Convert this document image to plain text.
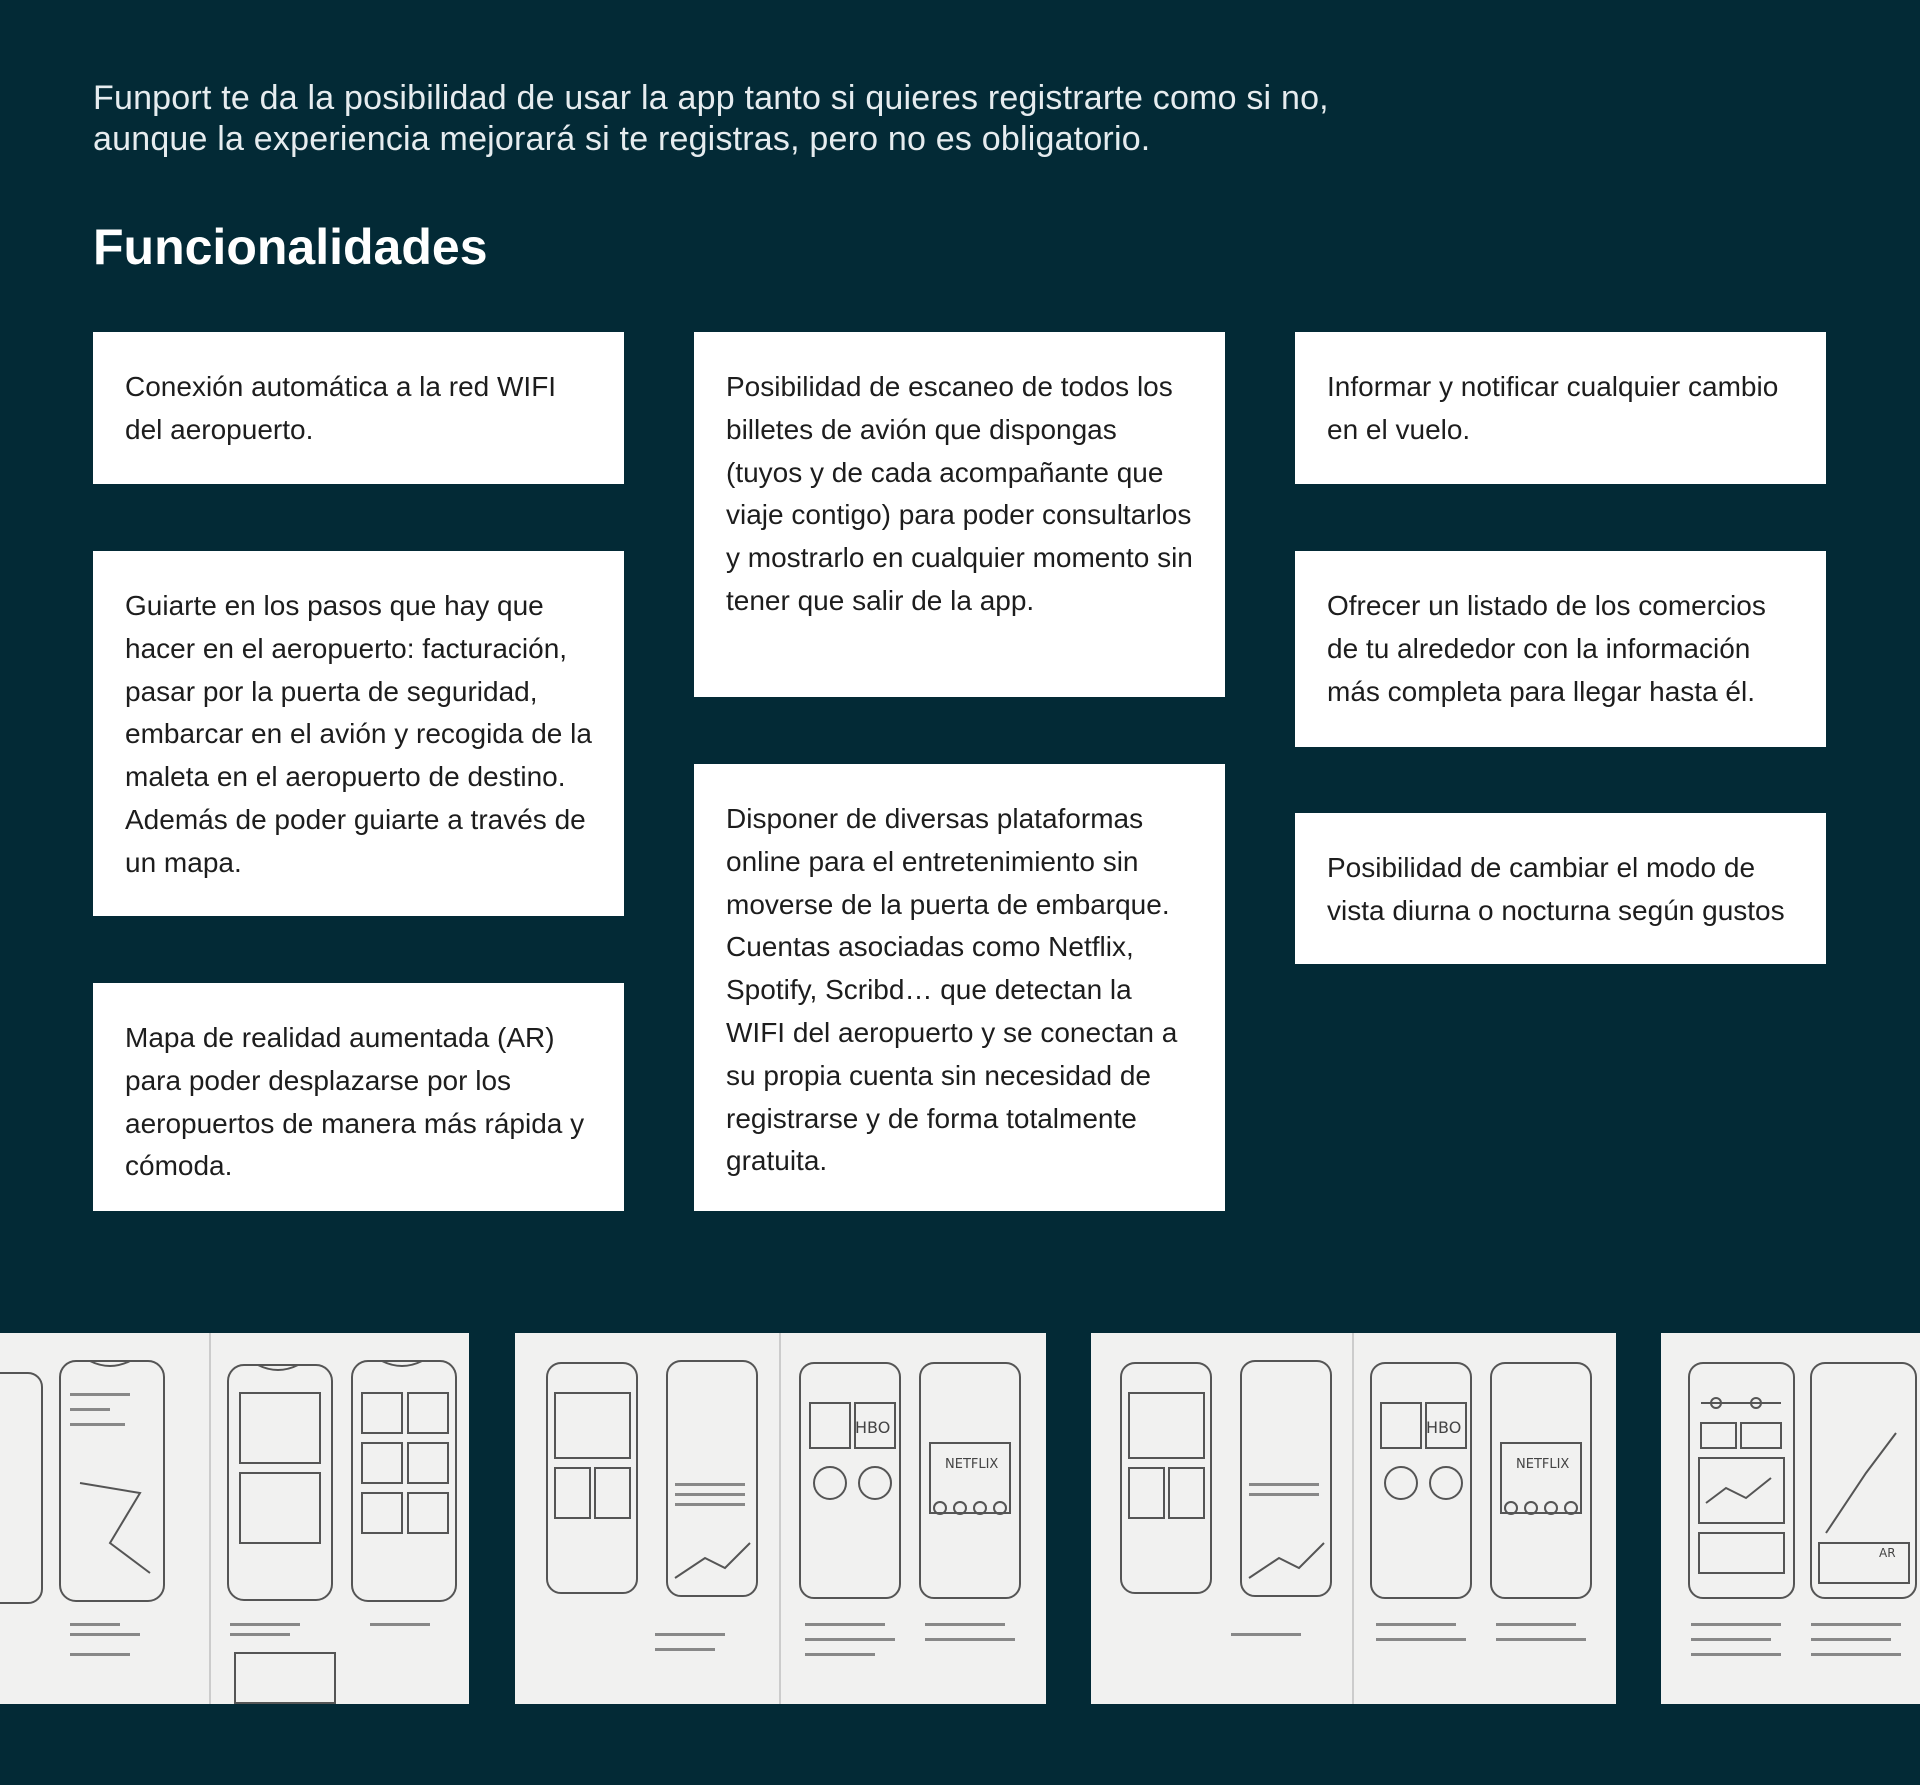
Funport te da la posibilidad de usar la app tanto si quieres registrarte como si no, aunque la experiencia mejorará si te registras, pero no es obligatorio.

Funcionalidades

Conexión automática a la red WIFI del aeropuerto.

Guiarte en los pasos que hay que hacer en el aeropuerto: facturación, pasar por la puerta de seguridad, embarcar en el avión y recogida de la maleta en el aeropuerto de destino. Además de poder guiarte a través de un mapa.

Mapa de realidad aumentada (AR) para poder desplazarse por los aeropuertos de manera más rápida y cómoda.

Posibilidad de escaneo de todos los billetes de avión que dispongas (tuyos y de cada acompañante que viaje contigo) para poder consultarlos y mostrarlo en cualquier momento sin tener que salir de la app.

Disponer de diversas plataformas online para el entretenimiento sin moverse de la puerta de embarque. Cuentas asociadas como Netflix, Spotify, Scribd… que detectan la WIFI del aeropuerto y se conectan a su propia cuenta sin necesidad de registrarse y de forma totalmente gratuita.

Informar y notificar cualquier cambio en el vuelo.

Ofrecer un listado de los comercios de tu alrededor con la información más completa para llegar hasta él.

Posibilidad de cambiar el modo de vista diurna o nocturna según gustos

HBO
NETFLIX
HBO
NETFLIX
AR
